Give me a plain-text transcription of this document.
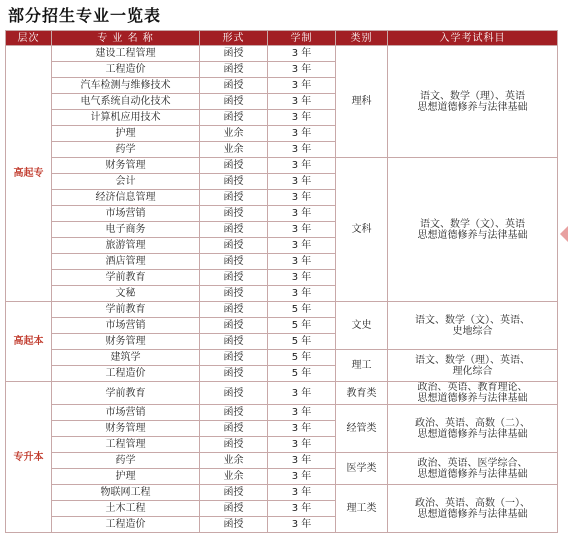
部分招生专业一览表
层次	专 业 名 称	形式	学制	类别	入学考试科目
高起专	建设工程管理	函授	3 年	理科	语文、数学（理）、英语
思想道德修养与法律基础
	工程造价	函授	3 年		
	汽车检测与维修技术	函授	3 年		
	电气系统自动化技术	函授	3 年		
	计算机应用技术	函授	3 年		
	护理	业余	3 年		
	药学	业余	3 年		
	财务管理	函授	3 年	文科	语文、数学（文）、英语
思想道德修养与法律基础
	会计	函授	3 年		
	经济信息管理	函授	3 年		
	市场营销	函授	3 年		
	电子商务	函授	3 年		
	旅游管理	函授	3 年		
	酒店管理	函授	3 年		
	学前教育	函授	3 年		
	文秘	函授	3 年		
高起本	学前教育	函授	5 年	文史	语文、数学（文）、英语、
史地综合
	市场营销	函授	5 年		
	财务管理	函授	5 年		
	建筑学	函授	5 年	理工	语文、数学（理）、英语、
理化综合
	工程造价	函授	5 年		
专升本	学前教育	函授	3 年	教育类	政治、英语、教育理论、
思想道德修养与法律基础
	市场营销	函授	3 年	经管类	政治、英语、高数（二）、
思想道德修养与法律基础
	财务管理	函授	3 年		
	工程管理	函授	3 年		
	药学	业余	3 年	医学类	政治、英语、医学综合、
思想道德修养与法律基础
	护理	业余	3 年		
	物联网工程	函授	3 年	理工类	政治、英语、高数（一）、
思想道德修养与法律基础
	土木工程	函授	3 年		
	工程造价	函授	3 年		
